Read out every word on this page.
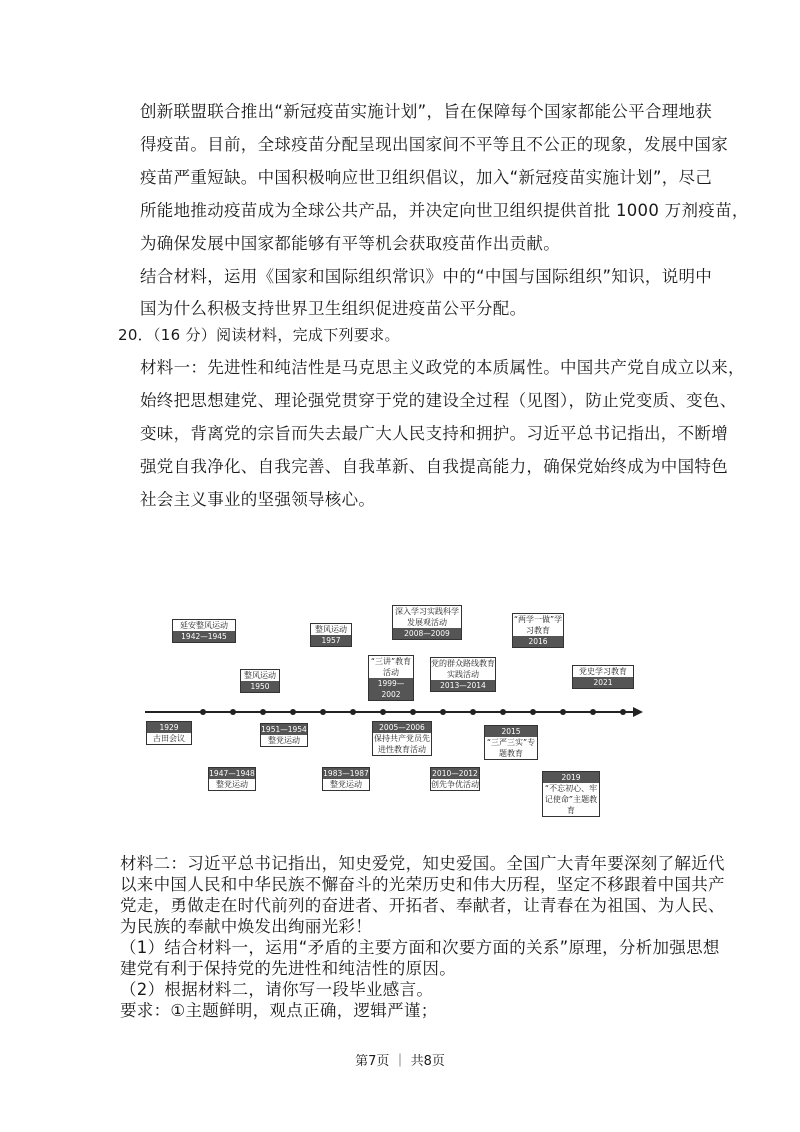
创新联盟联合推出“新冠疫苗实施计划”，旨在保障每个国家都能公平合理地获
得疫苗。目前，全球疫苗分配呈现出国家间不平等且不公正的现象，发展中国家
疫苗严重短缺。中国积极响应世卫组织倡议，加入“新冠疫苗实施计划”，尽己
所能地推动疫苗成为全球公共产品，并决定向世卫组织提供首批 1000 万剂疫苗，
为确保发展中国家都能够有平等机会获取疫苗作出贡献。
结合材料，运用《国家和国际组织常识》中的“中国与国际组织”知识，说明中
国为什么积极支持世界卫生组织促进疫苗公平分配。
20．（16 分）阅读材料，完成下列要求。
材料一：先进性和纯洁性是马克思主义政党的本质属性。中国共产党自成立以来，
始终把思想建党、理论强党贯穿于党的建设全过程（见图），防止党变质、变色、
变味，背离党的宗旨而失去最广大人民支持和拥护。习近平总书记指出，不断增
强党自我净化、自我完善、自我革新、自我提高能力，确保党始终成为中国特色
社会主义事业的坚强领导核心。
延安整风运动
1942—1945
整风运动
1950
整风运动
1957
“三讲”教育活动
1999—2002
深入学习实践科学发展观活动
2008—2009
党的群众路线教育实践活动
2013—2014
“两学一做”学习教育
2016
党史学习教育
2021
1929
古田会议
1947—1948
整党运动
1951—1954
整党运动
1983—1987
整党运动
2005—2006
保持共产党员先进性教育活动
2010—2012
创先争优活动
2015
“三严三实”专题教育
2019
“不忘初心、牢记使命”主题教育
材料二：习近平总书记指出，知史爱党，知史爱国。全国广大青年要深刻了解近代
以来中国人民和中华民族不懈奋斗的光荣历史和伟大历程，坚定不移跟着中国共产
党走，勇做走在时代前列的奋进者、开拓者、奉献者，让青春在为祖国、为人民、
为民族的奉献中焕发出绚丽光彩！
（1）结合材料一，运用“矛盾的主要方面和次要方面的关系”原理，分析加强思想
建党有利于保持党的先进性和纯洁性的原因。
（2）根据材料二，请你写一段毕业感言。
要求：①主题鲜明，观点正确，逻辑严谨；
第7页 ｜ 共8页
